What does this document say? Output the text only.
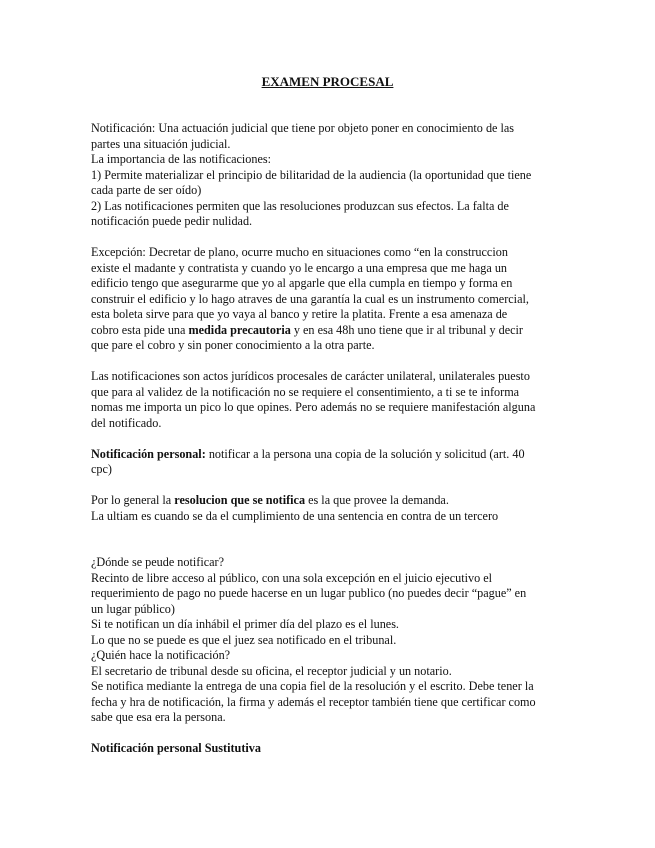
EXAMEN PROCESAL

Notificación: Una actuación judicial que tiene por objeto poner en conocimiento de las partes una situación judicial.

La importancia de las notificaciones:

1) Permite materializar el principio de bilitaridad de la audiencia (la oportunidad que tiene cada parte de ser oído)

2) Las notificaciones permiten que las resoluciones produzcan sus efectos. La falta de notificación puede pedir nulidad.

Excepción: Decretar de plano, ocurre mucho en situaciones como “en la construccion existe el madante y contratista y cuando yo le encargo a una empresa que me haga un edificio tengo que asegurarme que yo al apgarle que ella cumpla en tiempo y forma en construir el edificio y lo hago atraves de una garantía la cual es un instrumento comercial, esta boleta sirve para que yo vaya al banco y retire la platita. Frente a esa amenaza de cobro esta pide una medida precautoria y en esa 48h uno tiene que ir al tribunal y decir que pare el cobro y sin poner conocimiento a la otra parte.

Las notificaciones son actos jurídicos procesales de carácter unilateral, unilaterales puesto que para al validez de la notificación no se requiere el consentimiento, a ti se te informa nomas me importa un pico lo que opines. Pero además no se requiere manifestación alguna del notificado.

Notificación personal: notificar a la persona una copia de la solución y solicitud (art. 40 cpc)

Por lo general la resolucion que se notifica es la que provee la demanda.

La ultiam es cuando se da el cumplimiento de una sentencia en contra de un tercero

¿Dónde se peude notificar?

Recinto de libre acceso al público, con una sola excepción en el juicio ejecutivo el requerimiento de pago no puede hacerse en un lugar publico (no puedes decir “pague” en un lugar público)

Si te notifican un día inhábil el primer día del plazo es el lunes.

Lo que no se puede es que el juez sea notificado en el tribunal.

¿Quién hace la notificación?

El secretario de tribunal desde su oficina, el receptor judicial y un notario.

Se notifica mediante la entrega de una copia fiel de la resolución y el escrito. Debe tener la fecha y hra de notificación, la firma y además el receptor también tiene que certificar como sabe que esa era la persona.

Notificación personal Sustitutiva
